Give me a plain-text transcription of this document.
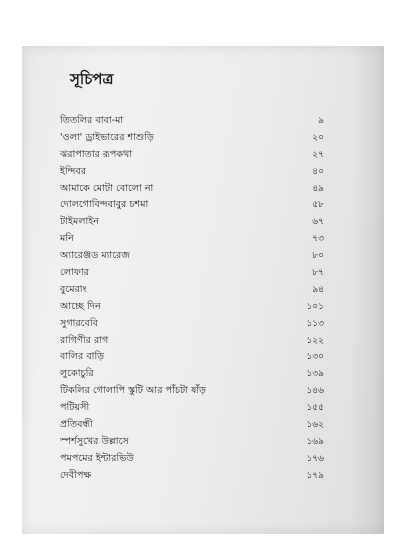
সূচিপত্র
তিতলির বাবা-মা	৯
'ওলা' ড্রাইভারের শাশুড়ি	২০
ঝরাপাতার রূপকথা	২৭
ইন্দিবর	৪০
আমাকে মোটা বোলো না	৪৯
দোলগোবিন্দবাবুর চশমা	৫৮
টাইমলাইন	৬৭
মনি	৭৩
অ্যারেঞ্জড ম্যারেজ	৮০
লোফার	৮৭
বুমেরাং	৯৪
আচ্ছে দিন	১০১
সুগারবেবি	১১৩
রাগিণীর রাগ	১২২
বালির বাড়ি	১৩০
লুকোচুরি	১৩৯
টিকলির গোলাপি স্কুটি আর পাঁচটা ষাঁড়	১৪৬
পটিয়সী	১৫৫
প্রতিবন্ধী	১৬২
স্পর্শসুখের উল্লাসে	১৬৯
পমপমের ইন্টারভিউ	১৭৬
দেবীপক্ষ	১৭৯
